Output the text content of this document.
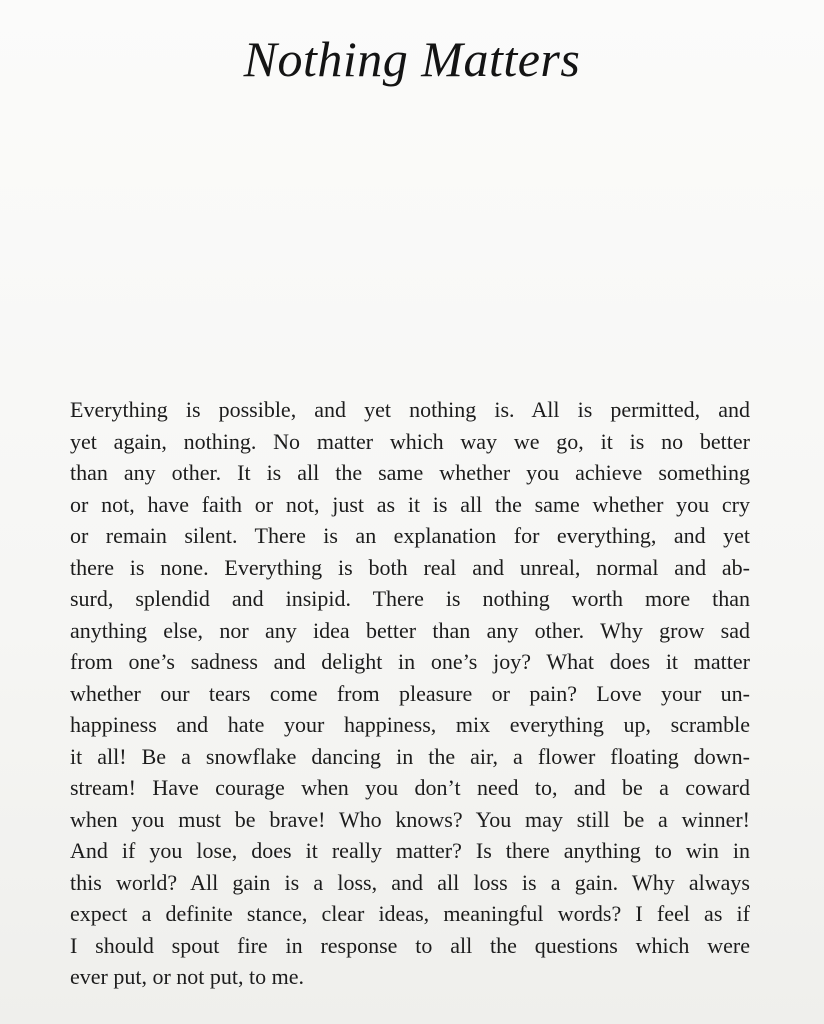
Nothing Matters
Everything is possible, and yet nothing is. All is permitted, and
yet again, nothing. No matter which way we go, it is no better
than any other. It is all the same whether you achieve something
or not, have faith or not, just as it is all the same whether you cry
or remain silent. There is an explanation for everything, and yet
there is none. Everything is both real and unreal, normal and ab-
surd, splendid and insipid. There is nothing worth more than
anything else, nor any idea better than any other. Why grow sad
from one’s sadness and delight in one’s joy? What does it matter
whether our tears come from pleasure or pain? Love your un-
happiness and hate your happiness, mix everything up, scramble
it all! Be a snowflake dancing in the air, a flower floating down-
stream! Have courage when you don’t need to, and be a coward
when you must be brave! Who knows? You may still be a winner!
And if you lose, does it really matter? Is there anything to win in
this world? All gain is a loss, and all loss is a gain. Why always
expect a definite stance, clear ideas, meaningful words? I feel as if
I should spout fire in response to all the questions which were
ever put, or not put, to me.
